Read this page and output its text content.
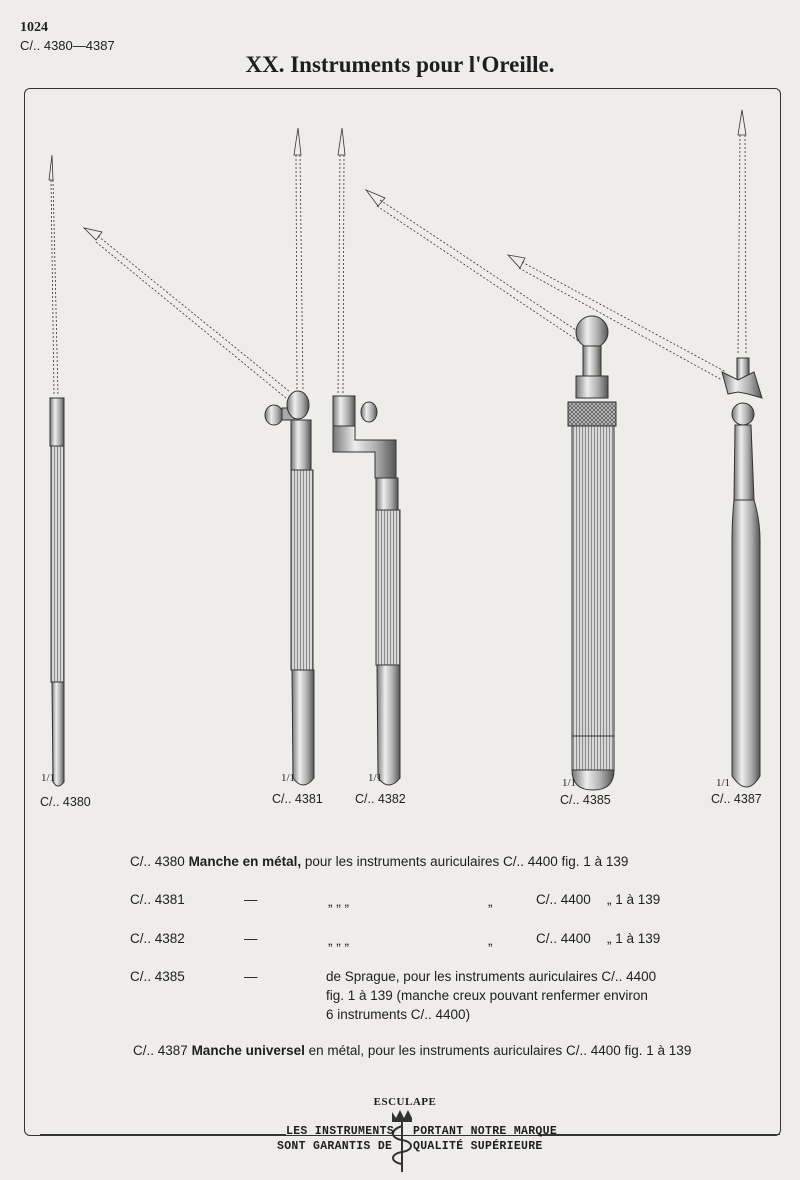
1024
C/.. 4380—4387
XX. Instruments pour l'Oreille.
1/1	1/1	1/1	1/1	1/1
C/.. 4380	C/.. 4381	C/.. 4382	C/.. 4385	C/.. 4387
C/.. 4380 Manche en métal, pour les instruments auriculaires C/.. 4400 fig. 1 à 139
C/.. 4381	—	„ „ „	„	C/.. 4400 „ 1 à 139
C/.. 4382	—	„ „ „	„	C/.. 4400 „ 1 à 139
C/.. 4385	—	de Sprague, pour les instruments auriculaires C/.. 4400
fig. 1 à 139 (manche creux pouvant renfermer environ
6 instruments C/.. 4400)
C/.. 4387 Manche universel en métal, pour les instruments auriculaires C/.. 4400 fig. 1 à 139
ESCULAPE
LES INSTRUMENTS
SONT GARANTIS DE
PORTANT NOTRE MARQUE
QUALITÉ SUPÉRIEURE
